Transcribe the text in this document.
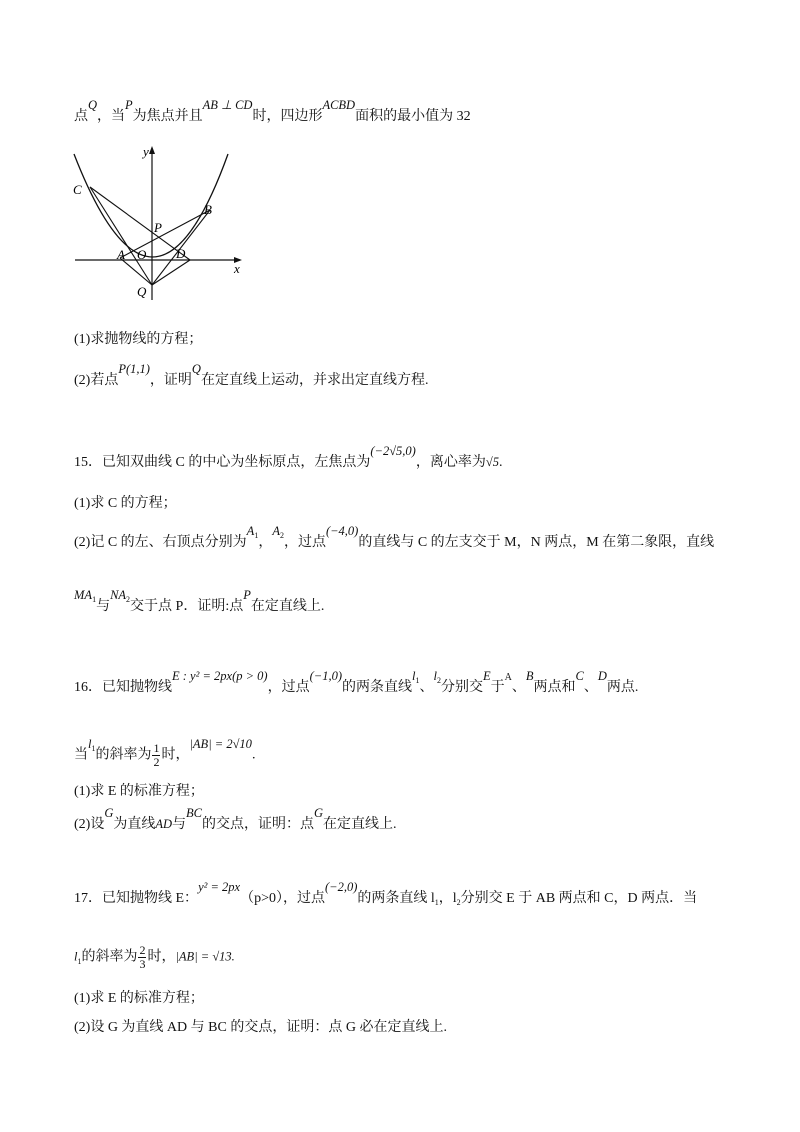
点Q，当P为焦点并且AB ⊥ CD时，四边形ACBD面积的最小值为 32
y
x
C
B
P
A O D
Q
(1)求抛物线的方程；
(2)若点P(1,1)，证明Q在定直线上运动，并求出定直线方程.
15．已知双曲线 C 的中心为坐标原点，左焦点为(−2√5,0)，离心率为√5.
(1)求 C 的方程；
(2)记 C 的左、右顶点分别为$A_1$，$A_2$，过点(−4,0)的直线与 C 的左支交于 M，N 两点，M 在第二象限，直线
$MA_1$与$NA_2$交于点 P．证明:点P在定直线上.
16．已知抛物线E : y² = 2px(p > 0)，过点(−1,0)的两条直线$l_1$、$l_2$分别交E于$^A$、B两点和C、D两点.
当$l_1$的斜率为 $\frac{1}{2}$ 时，|AB| = 2√10.
(1)求 E 的标准方程；
(2)设G为直线AD与BC的交点，证明：点G在定直线上.
17．已知抛物线 E：y² = 2px（p>0），过点(−2,0)的两条直线 $l_1$，$l_2$分别交 E 于 AB 两点和 C，D 两点．当
$l_1$的斜率为 $\frac{2}{3}$ 时，|AB| = √13.
(1)求 E 的标准方程；
(2)设 G 为直线 AD 与 BC 的交点，证明：点 G 必在定直线上.
